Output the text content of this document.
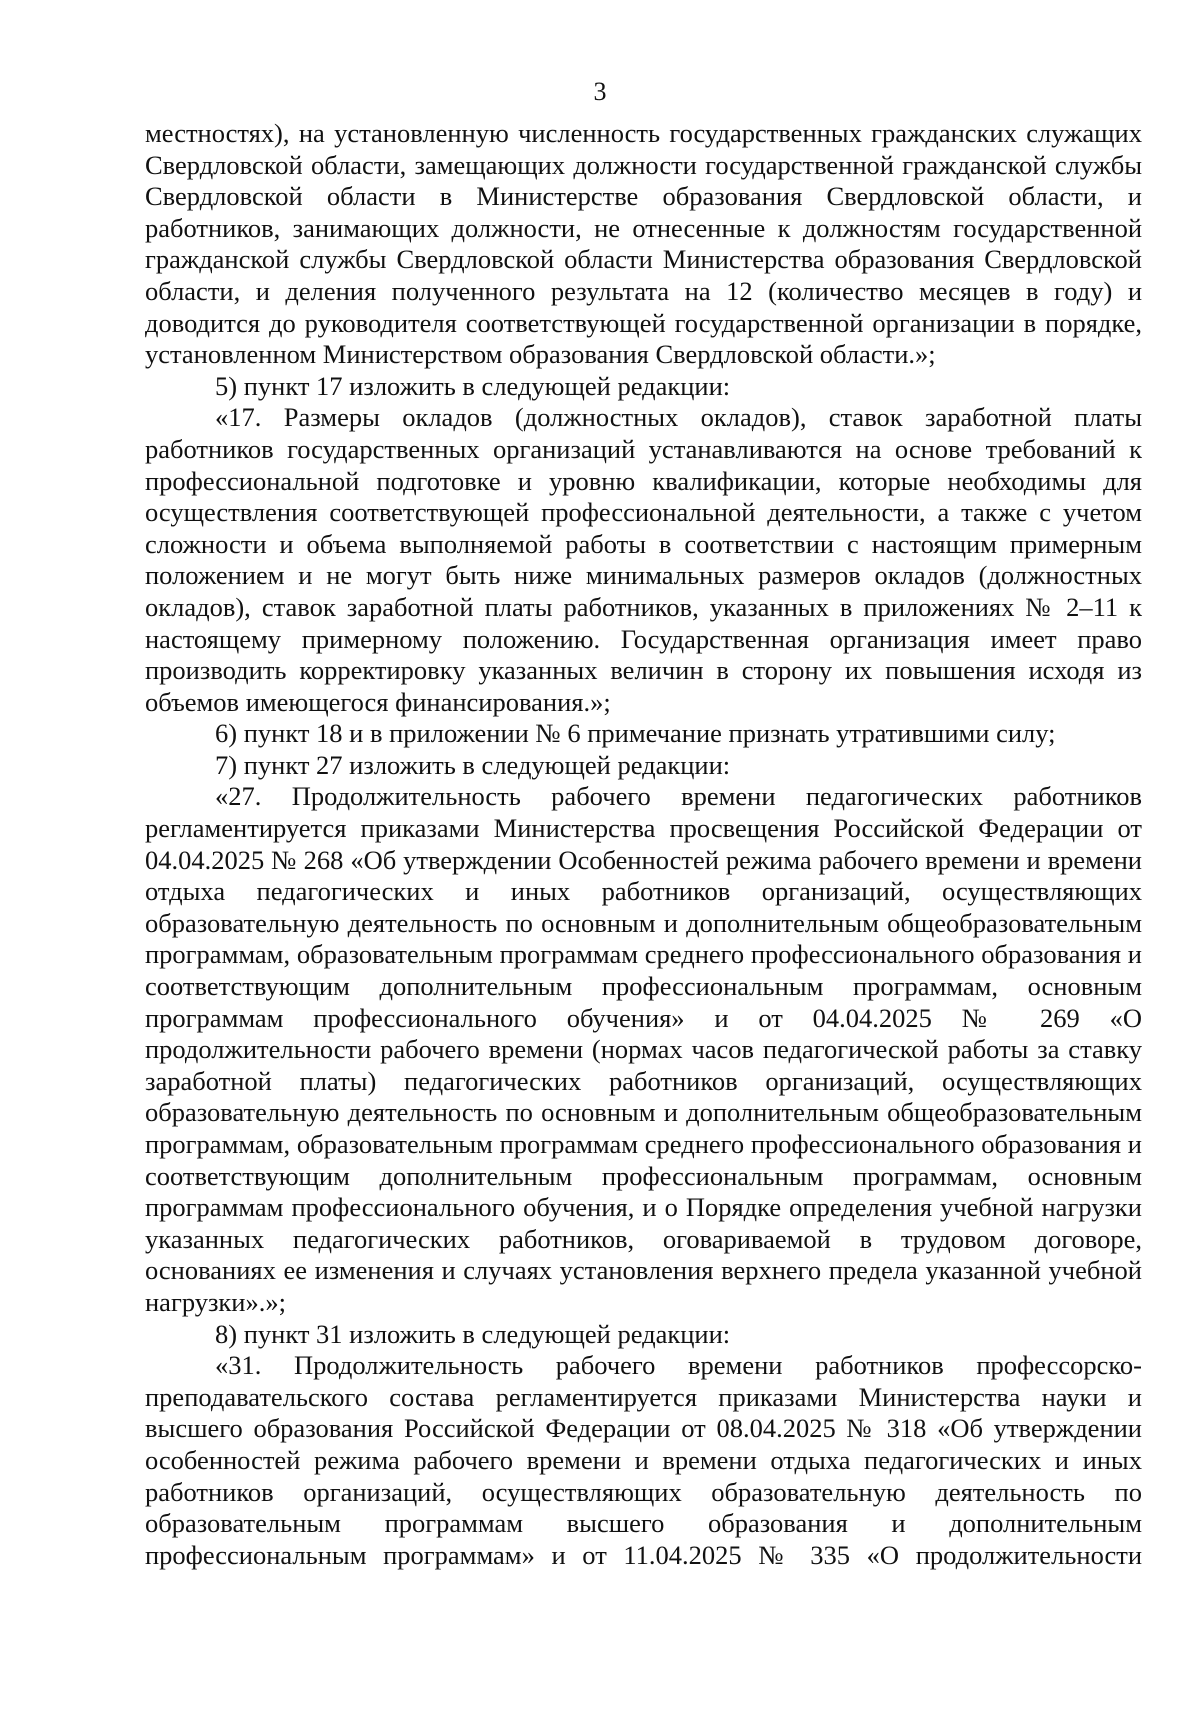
3

местностях), на установленную численность государственных гражданских служащих Свердловской области, замещающих должности государственной гражданской службы Свердловской области в Министерстве образования Свердловской области, и работников, занимающих должности, не отнесенные к должностям государственной гражданской службы Свердловской области Министерства образования Свердловской области, и деления полученного результата на 12 (количество месяцев в году) и доводится до руководителя соответствующей государственной организации в порядке, установленном Министерством образования Свердловской области.»;

5) пункт 17 изложить в следующей редакции:

«17. Размеры окладов (должностных окладов), ставок заработной платы работников государственных организаций устанавливаются на основе требований к профессиональной подготовке и уровню квалификации, которые необходимы для осуществления соответствующей профессиональной деятельности, а также с учетом сложности и объема выполняемой работы в соответствии с настоящим примерным положением и не могут быть ниже минимальных размеров окладов (должностных окладов), ставок заработной платы работников, указанных в приложениях № 2–11 к настоящему примерному положению. Государственная организация имеет право производить корректировку указанных величин в сторону их повышения исходя из объемов имеющегося финансирования.»;

6) пункт 18 и в приложении № 6 примечание признать утратившими силу;

7) пункт 27 изложить в следующей редакции:

«27. Продолжительность рабочего времени педагогических работников регламентируется приказами Министерства просвещения Российской Федерации от 04.04.2025 № 268 «Об утверждении Особенностей режима рабочего времени и времени отдыха педагогических и иных работников организаций, осуществляющих образовательную деятельность по основным и дополнительным общеобразовательным программам, образовательным программам среднего профессионального образования и соответствующим дополнительным профессиональным программам, основным программам профессионального обучения» и от 04.04.2025 № 269 «О продолжительности рабочего времени (нормах часов педагогической работы за ставку заработной платы) педагогических работников организаций, осуществляющих образовательную деятельность по основным и дополнительным общеобразовательным программам, образовательным программам среднего профессионального образования и соответствующим дополнительным профессиональным программам, основным программам профессионального обучения, и о Порядке определения учебной нагрузки указанных педагогических работников, оговариваемой в трудовом договоре, основаниях ее изменения и случаях установления верхнего предела указанной учебной нагрузки».»;

8) пункт 31 изложить в следующей редакции:

«31. Продолжительность рабочего времени работников профессорско-преподавательского состава регламентируется приказами Министерства науки и высшего образования Российской Федерации от 08.04.2025 № 318 «Об утверждении особенностей режима рабочего времени и времени отдыха педагогических и иных работников организаций, осуществляющих образовательную деятельность по образовательным программам высшего образования и дополнительным профессиональным программам» и от 11.04.2025 № 335 «О продолжительности
